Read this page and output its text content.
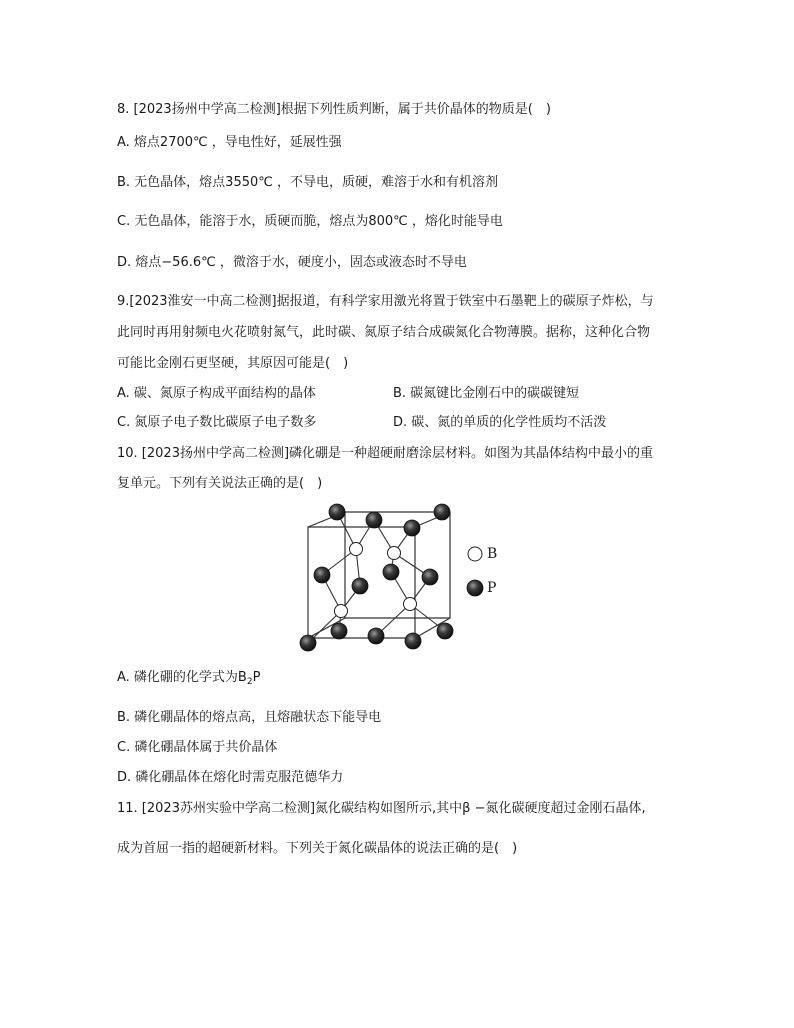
8. [2023扬州中学高二检测]根据下列性质判断，属于共价晶体的物质是(　)
A. 熔点2700℃ ，导电性好，延展性强
B. 无色晶体，熔点3550℃ ，不导电，质硬，难溶于水和有机溶剂
C. 无色晶体，能溶于水，质硬而脆，熔点为800℃ ，熔化时能导电
D. 熔点−56.6℃ ，微溶于水，硬度小，固态或液态时不导电
9.[2023淮安一中高二检测]据报道，有科学家用激光将置于铁室中石墨靶上的碳原子炸松，与
此同时再用射频电火花喷射氮气，此时碳、氮原子结合成碳氮化合物薄膜。据称，这种化合物
可能比金刚石更坚硬，其原因可能是(　)
A. 碳、氮原子构成平面结构的晶体	B. 碳氮键比金刚石中的碳碳键短
C. 氮原子电子数比碳原子电子数多	D. 碳、氮的单质的化学性质均不活泼
10. [2023扬州中学高二检测]磷化硼是一种超硬耐磨涂层材料。如图为其晶体结构中最小的重
复单元。下列有关说法正确的是(　)
B
P
A. 磷化硼的化学式为$B_2P$
B. 磷化硼晶体的熔点高，且熔融状态下能导电
C. 磷化硼晶体属于共价晶体
D. 磷化硼晶体在熔化时需克服范德华力
11. [2023苏州实验中学高二检测]氮化碳结构如图所示,其中β −氮化碳硬度超过金刚石晶体,
成为首屈一指的超硬新材料。下列关于氮化碳晶体的说法正确的是(　)
